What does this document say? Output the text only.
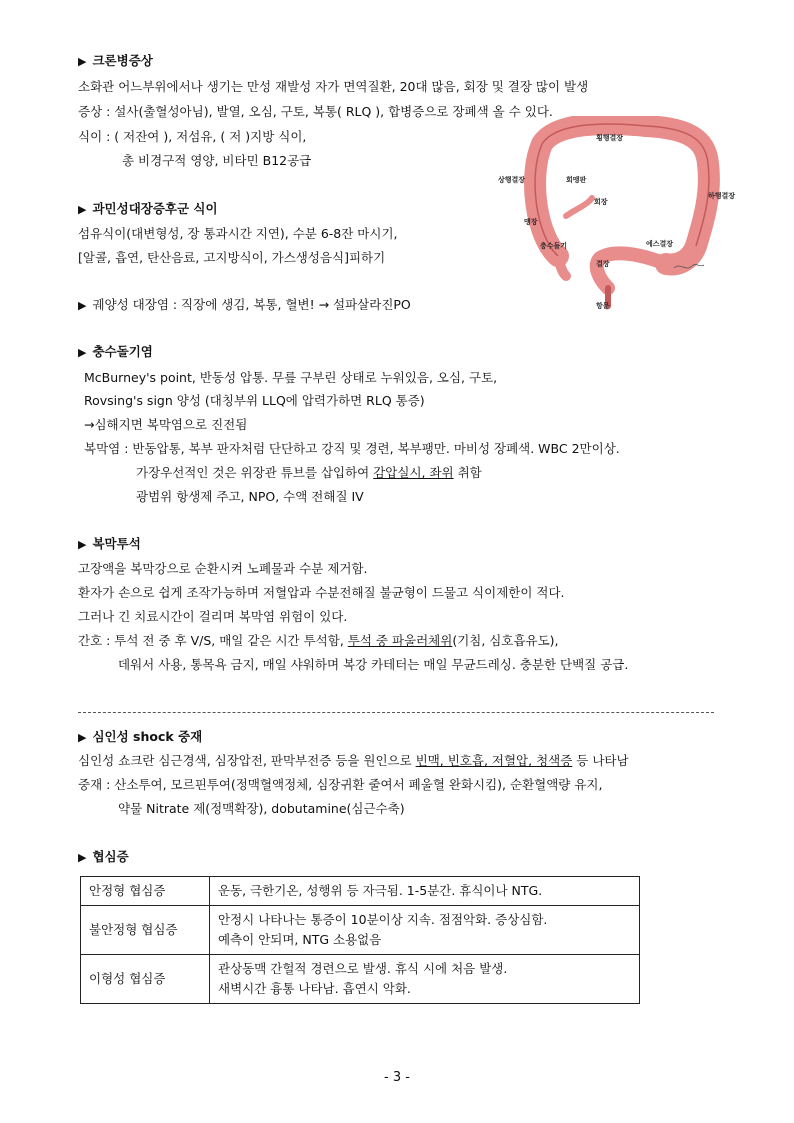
▶ 크론병증상
소화관 어느부위에서나 생기는 만성 재발성 자가 면역질환, 20대 많음, 회장 및 결장 많이 발생
증상 : 설사(출혈성아님), 발열, 오심, 구토, 복통( RLQ ), 합병증으로 장폐색 올 수 있다.
식이 : ( 저잔여 ), 저섬유, ( 저 )지방 식이,
총 비경구적 영양, 비타민 B12공급
횡행결장
상행결장	회맹판
회장
하행결장
맹장
충수돌기	에스결장
결장
항문
▶ 과민성대장증후군 식이
섬유식이(대변형성, 장 통과시간 지연), 수분 6-8잔 마시기,
[알콜, 흡연, 탄산음료, 고지방식이, 가스생성음식]피하기
▶ 궤양성 대장염 : 직장에 생김, 복통, 혈변! → 설파살라진PO
▶ 충수돌기염
McBurney's point, 반동성 압통. 무릎 구부린 상태로 누워있음, 오심, 구토,
Rovsing's sign 양성 (대칭부위 LLQ에 압력가하면 RLQ 통증)
→심해지면 복막염으로 진전됨
복막염 : 반동압통, 복부 판자처럼 단단하고 강직 및 경련, 복부팽만. 마비성 장폐색. WBC 2만이상.
가장우선적인 것은 위장관 튜브를 삽입하여 감압실시, 좌위 취함
광범위 항생제 주고, NPO, 수액 전해질 IV
▶ 복막투석
고장액을 복막강으로 순환시켜 노폐물과 수분 제거함.
환자가 손으로 쉽게 조작가능하며 저혈압과 수분전해질 불균형이 드물고 식이제한이 적다.
그러나 긴 치료시간이 걸리며 복막염 위험이 있다.
간호 : 투석 전 중 후 V/S, 매일 같은 시간 투석함, 투석 중 파울러체위(기침, 심호흡유도),
데워서 사용, 통목욕 금지, 매일 샤워하며 복강 카테터는 매일 무균드레싱. 충분한 단백질 공급.
▶ 심인성 shock 중재
심인성 쇼크란 심근경색, 심장압전, 판막부전증 등을 원인으로 빈맥, 빈호흡, 저혈압, 청색증 등 나타남
중재 : 산소투여, 모르핀투여(정맥혈액정체, 심장귀환 줄여서 폐울혈 완화시킴), 순환혈액량 유지,
약물 Nitrate 제(정맥확장), dobutamine(심근수축)
▶ 협심증
안정형 협심증	운동, 극한기온, 성행위 등 자극됨. 1-5분간. 휴식이나 NTG.

불안정형 협심증	안정시 나타나는 통증이 10분이상 지속. 점점악화. 증상심함.
예측이 안되며, NTG 소용없음

이형성 협심증	관상동맥 간헐적 경련으로 발생. 휴식 시에 처음 발생.
새벽시간 흉통 나타남. 흡연시 악화.
- 3 -
